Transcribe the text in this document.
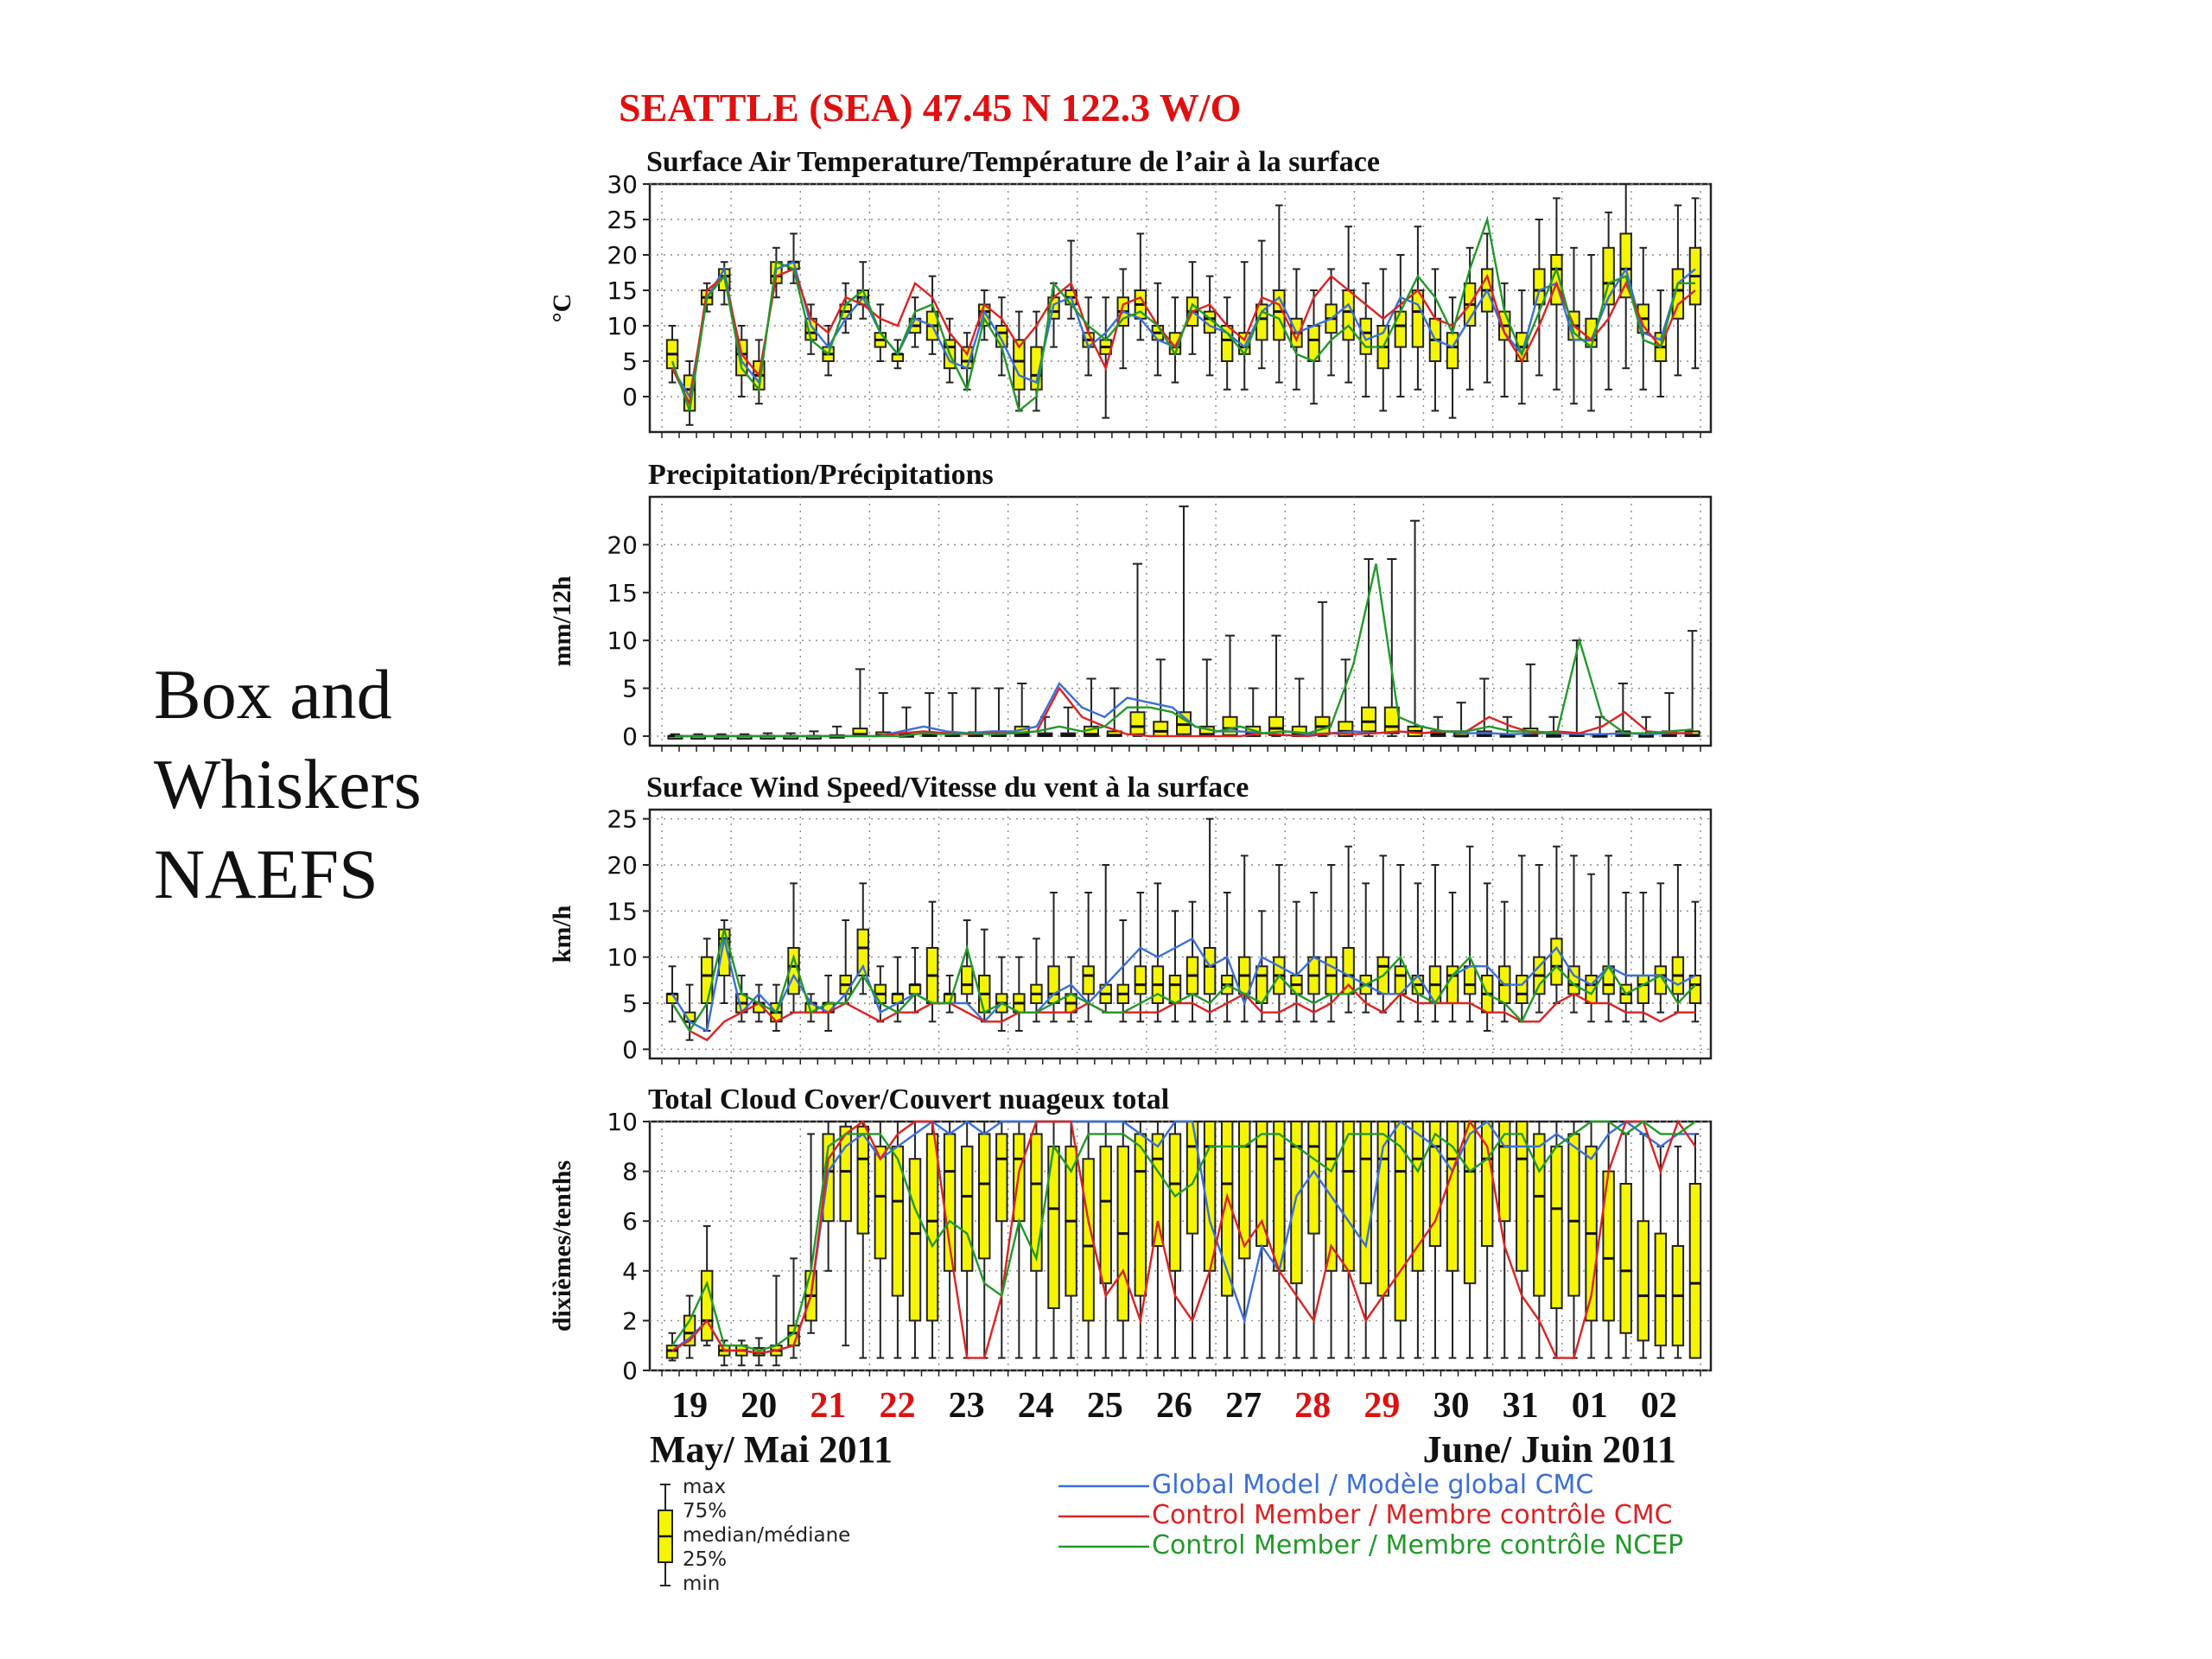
Box and
Whiskers
NAEFS
SEATTLE (SEA) 47.45 N 122.3 W/O
Surface Air Temperature/Température de l’air à la surface
0
5
10
15
20
25
30
°C
Precipitation/Précipitations
0
5
10
15
20
mm/12h
Surface Wind Speed/Vitesse du vent à la surface
0
5
10
15
20
25
km/h
Total Cloud Cover/Couvert nuageux total
0
2
4
6
8
10
dixièmes/tenths
19 20 21 22 23 24 25 26 27 28 29 30 31 01 02
May/ Mai 2011	June/ Juin 2011
Global Model / Modèle global CMC
Control Member / Membre contrôle CMC
Control Member / Membre contrôle NCEP
max
75%
median/médiane
25%
min
